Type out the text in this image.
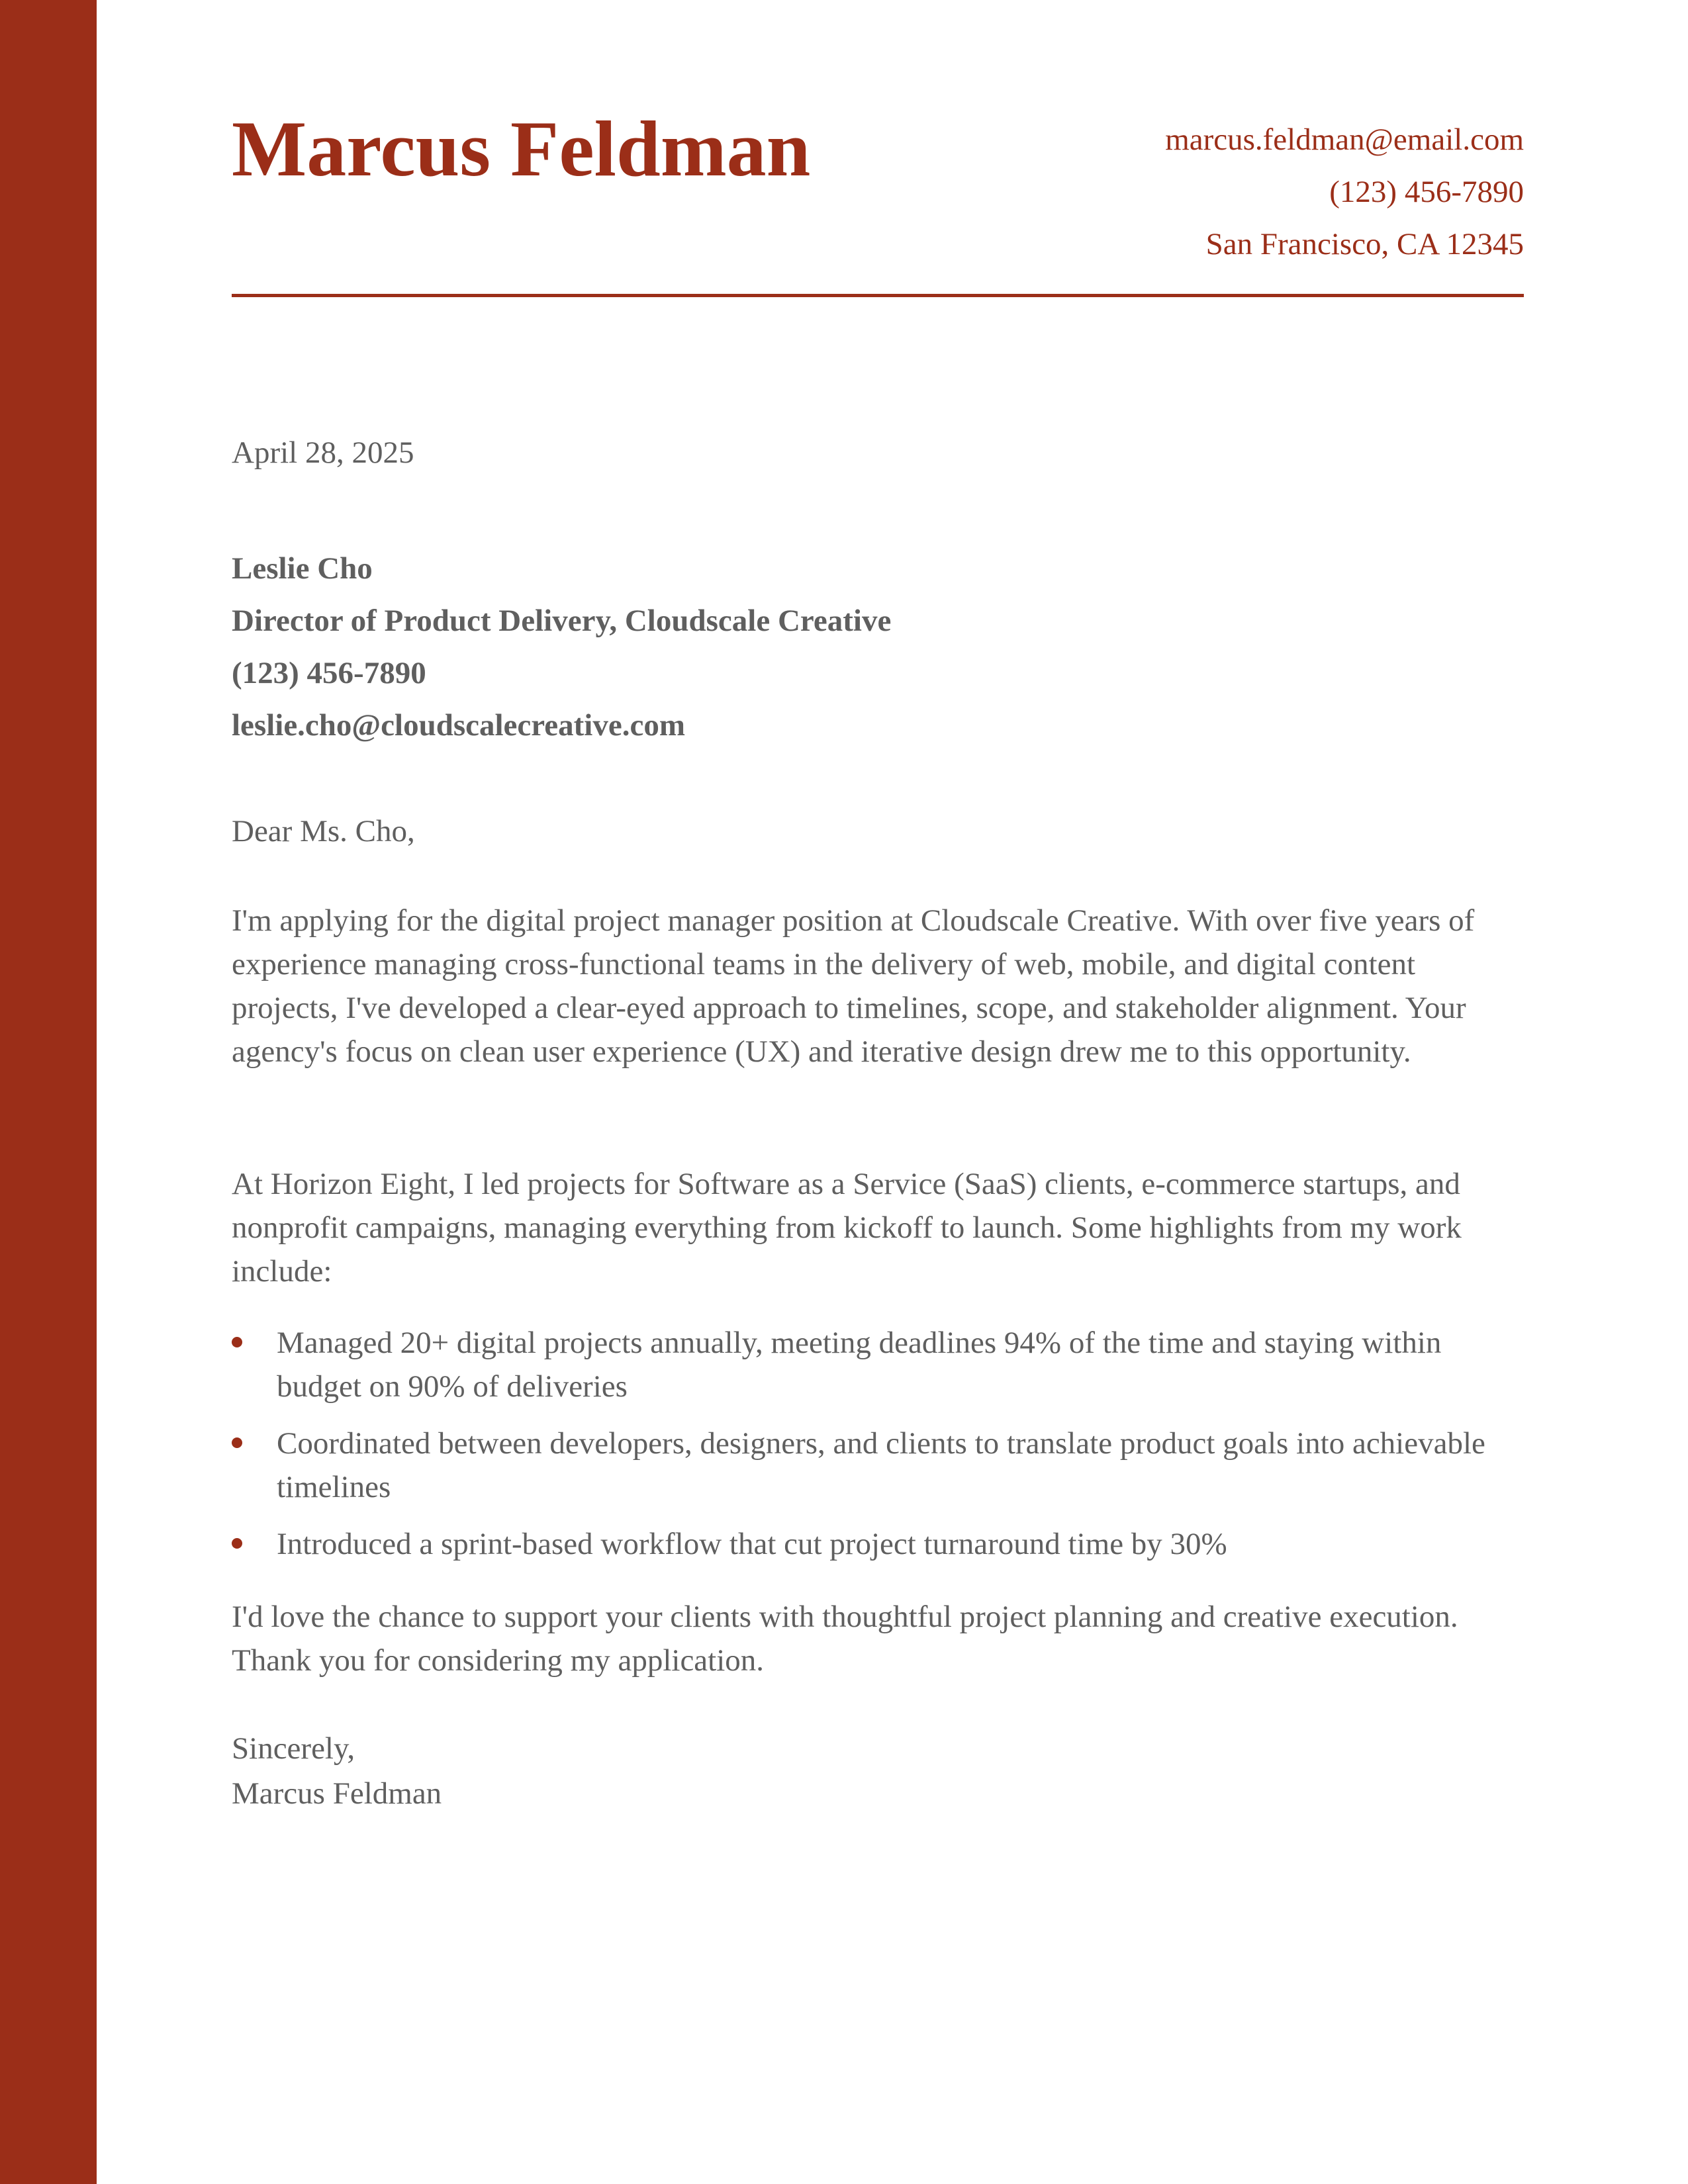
Marcus Feldman	marcus.feldman@email.com
(123) 456-7890
San Francisco, CA 12345
April 28, 2025
Leslie Cho
Director of Product Delivery, Cloudscale Creative
(123) 456-7890
leslie.cho@cloudscalecreative.com
Dear Ms. Cho,

I'm applying for the digital project manager position at Cloudscale Creative. With over five years of experience managing cross-functional teams in the delivery of web, mobile, and digital content projects, I've developed a clear-eyed approach to timelines, scope, and stakeholder alignment. Your agency's focus on clean user experience (UX) and iterative design drew me to this opportunity.

At Horizon Eight, I led projects for Software as a Service (SaaS) clients, e-commerce startups, and nonprofit campaigns, managing everything from kickoff to launch. Some highlights from my work include:

Managed 20+ digital projects annually, meeting deadlines 94% of the time and staying within budget on 90% of deliveries
Coordinated between developers, designers, and clients to translate product goals into achievable timelines
Introduced a sprint-based workflow that cut project turnaround time by 30%

I'd love the chance to support your clients with thoughtful project planning and creative execution. Thank you for considering my application.

Sincerely,
Marcus Feldman
